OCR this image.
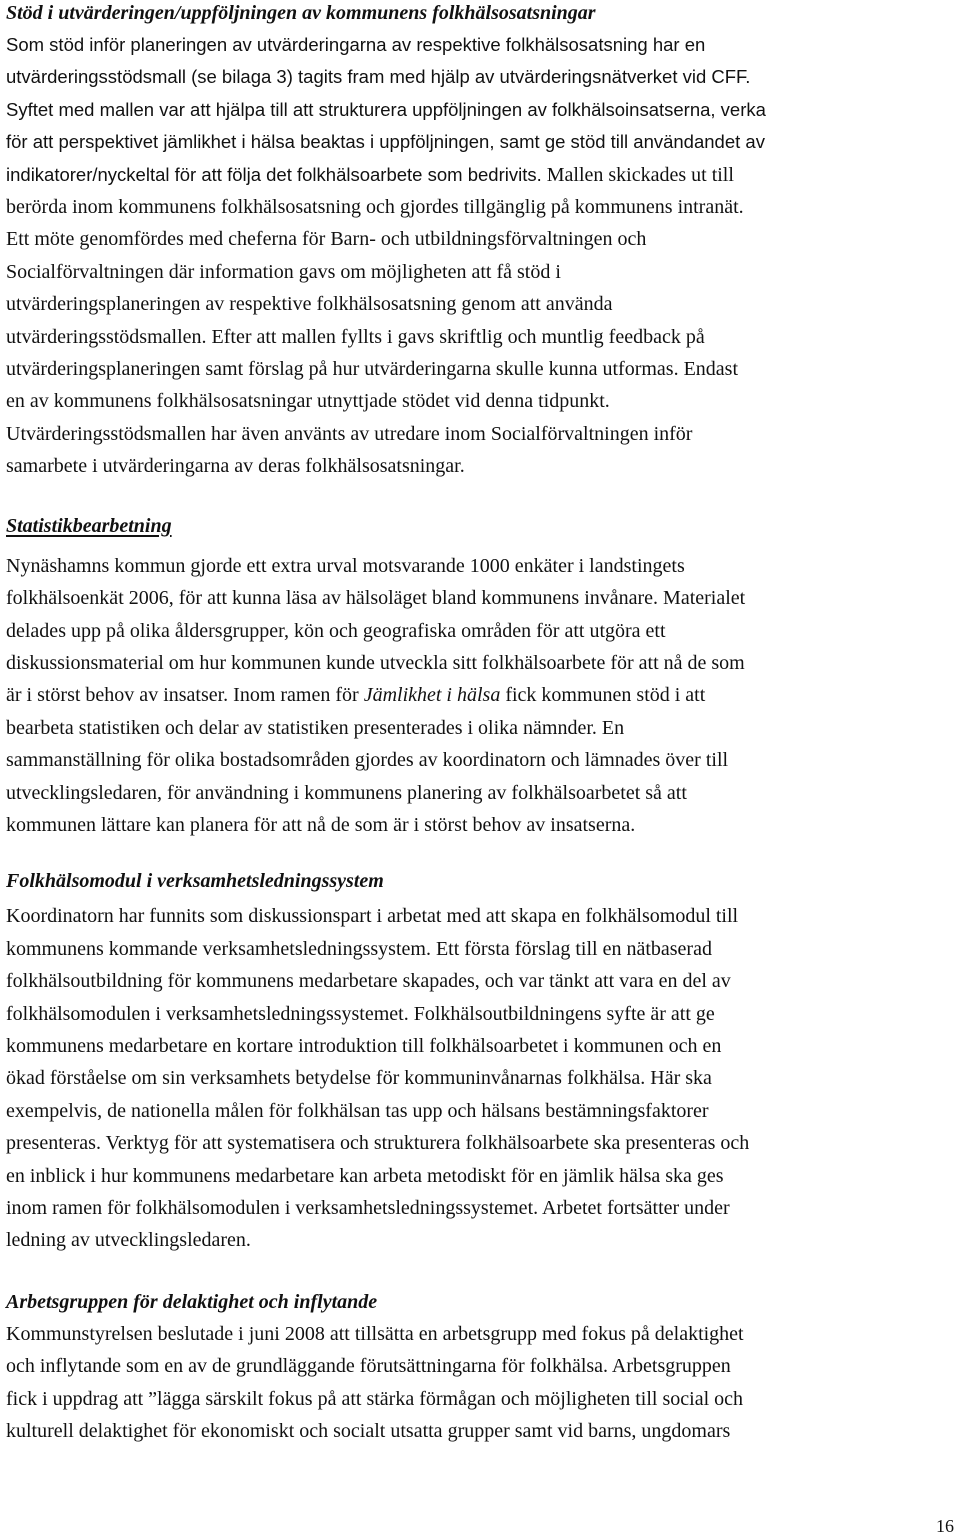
Stöd i utvärderingen/uppföljningen av kommunens folkhälsosatsningar

Som stöd inför planeringen av utvärderingarna av respektive folkhälsosatsning har en
utvärderingsstödsmall (se bilaga 3) tagits fram med hjälp av utvärderingsnätverket vid CFF.
Syftet med mallen var att hjälpa till att strukturera uppföljningen av folkhälsoinsatserna, verka
för att perspektivet jämlikhet i hälsa beaktas i uppföljningen, samt ge stöd till användandet av
indikatorer/nyckeltal för att följa det folkhälsoarbete som bedrivits. Mallen skickades ut till
berörda inom kommunens folkhälsosatsning och gjordes tillgänglig på kommunens intranät.
Ett möte genomfördes med cheferna för Barn- och utbildningsförvaltningen och
Socialförvaltningen där information gavs om möjligheten att få stöd i
utvärderingsplaneringen av respektive folkhälsosatsning genom att använda
utvärderingsstödsmallen. Efter att mallen fyllts i gavs skriftlig och muntlig feedback på
utvärderingsplaneringen samt förslag på hur utvärderingarna skulle kunna utformas. Endast
en av kommunens folkhälsosatsningar utnyttjade stödet vid denna tidpunkt.
Utvärderingsstödsmallen har även använts av utredare inom Socialförvaltningen inför
samarbete i utvärderingarna av deras folkhälsosatsningar.

Statistikbearbetning

Nynäshamns kommun gjorde ett extra urval motsvarande 1000 enkäter i landstingets
folkhälsoenkät 2006, för att kunna läsa av hälsoläget bland kommunens invånare. Materialet
delades upp på olika åldersgrupper, kön och geografiska områden för att utgöra ett
diskussionsmaterial om hur kommunen kunde utveckla sitt folkhälsoarbete för att nå de som
är i störst behov av insatser. Inom ramen för Jämlikhet i hälsa fick kommunen stöd i att
bearbeta statistiken och delar av statistiken presenterades i olika nämnder. En
sammanställning för olika bostadsområden gjordes av koordinatorn och lämnades över till
utvecklingsledaren, för användning i kommunens planering av folkhälsoarbetet så att
kommunen lättare kan planera för att nå de som är i störst behov av insatserna.

Folkhälsomodul i verksamhetsledningssystem

Koordinatorn har funnits som diskussionspart i arbetat med att skapa en folkhälsomodul till
kommunens kommande verksamhetsledningssystem. Ett första förslag till en nätbaserad
folkhälsoutbildning för kommunens medarbetare skapades, och var tänkt att vara en del av
folkhälsomodulen i verksamhetsledningssystemet. Folkhälsoutbildningens syfte är att ge
kommunens medarbetare en kortare introduktion till folkhälsoarbetet i kommunen och en
ökad förståelse om sin verksamhets betydelse för kommuninvånarnas folkhälsa. Här ska
exempelvis, de nationella målen för folkhälsan tas upp och hälsans bestämningsfaktorer
presenteras. Verktyg för att systematisera och strukturera folkhälsoarbete ska presenteras och
en inblick i hur kommunens medarbetare kan arbeta metodiskt för en jämlik hälsa ska ges
inom ramen för folkhälsomodulen i verksamhetsledningssystemet. Arbetet fortsätter under
ledning av utvecklingsledaren.

Arbetsgruppen för delaktighet och inflytande

Kommunstyrelsen beslutade i juni 2008 att tillsätta en arbetsgrupp med fokus på delaktighet
och inflytande som en av de grundläggande förutsättningarna för folkhälsa. Arbetsgruppen
fick i uppdrag att ”lägga särskilt fokus på att stärka förmågan och möjligheten till social och
kulturell delaktighet för ekonomiskt och socialt utsatta grupper samt vid barns, ungdomars

16
